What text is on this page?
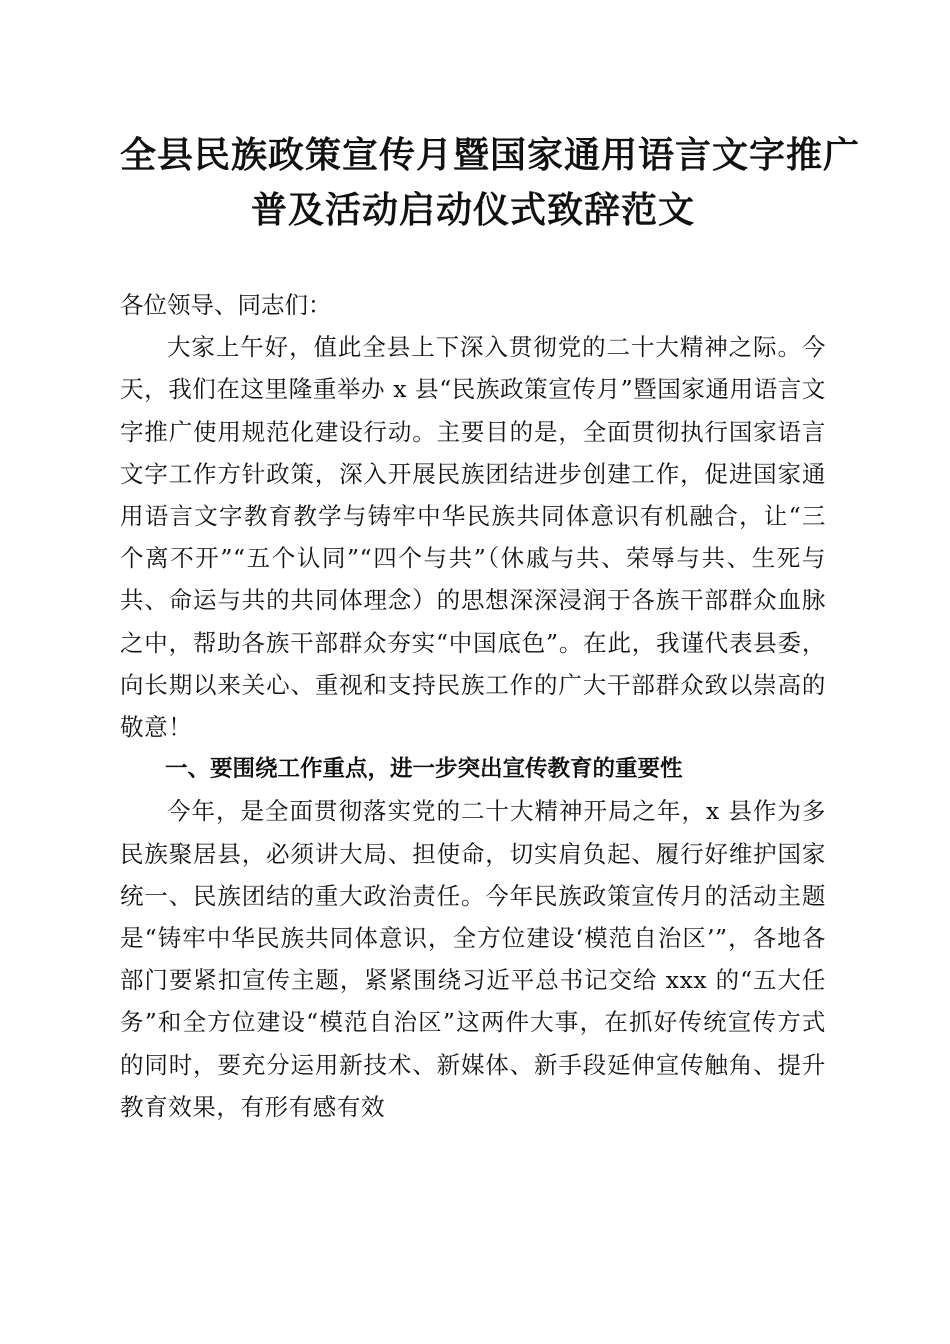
全县民族政策宣传月暨国家通用语言文字推广
普及活动启动仪式致辞范文

各位领导、同志们：

大家上午好，值此全县上下深入贯彻党的二十大精神之际。今天，我们在这里隆重举办 x 县“民族政策宣传月”暨国家通用语言文字推广使用规范化建设行动。主要目的是，全面贯彻执行国家语言文字工作方针政策，深入开展民族团结进步创建工作，促进国家通用语言文字教育教学与铸牢中华民族共同体意识有机融合，让“三个离不开”“五个认同”“四个与共”（休戚与共、荣辱与共、生死与共、命运与共的共同体理念）的思想深深浸润于各族干部群众血脉之中，帮助各族干部群众夯实“中国底色”。在此，我谨代表县委，向长期以来关心、重视和支持民族工作的广大干部群众致以崇高的敬意！

一、要围绕工作重点，进一步突出宣传教育的重要性

今年，是全面贯彻落实党的二十大精神开局之年，x 县作为多民族聚居县，必须讲大局、担使命，切实肩负起、履行好维护国家统一、民族团结的重大政治责任。今年民族政策宣传月的活动主题是“铸牢中华民族共同体意识，全方位建设‘模范自治区’”，各地各部门要紧扣宣传主题，紧紧围绕习近平总书记交给 xxx 的“五大任务”和全方位建设“模范自治区”这两件大事，在抓好传统宣传方式的同时，要充分运用新技术、新媒体、新手段延伸宣传触角、提升教育效果，有形有感有效
